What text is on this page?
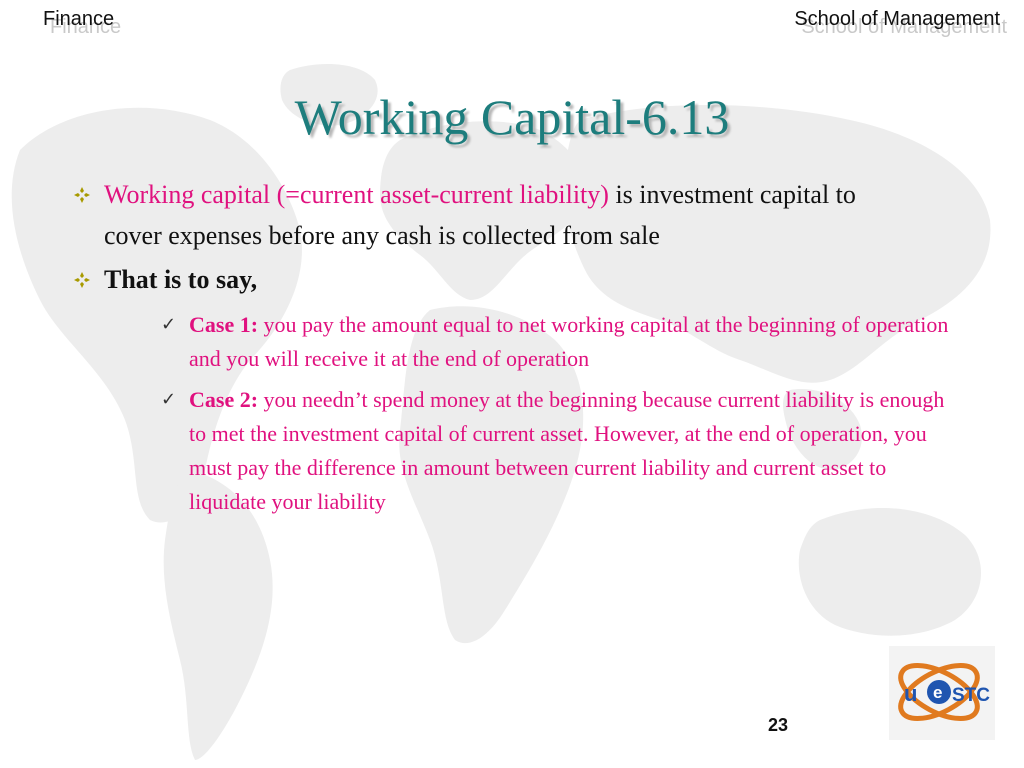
Finance	School of Management
Working Capital-6.13
Working capital (=current asset-current liability) is investment capital to cover expenses before any cash is collected from sale
That is to say,
✓ Case 1: you pay the amount equal to net working capital at the beginning of operation and you will receive it at the end of operation
✓ Case 2: you needn’t spend money at the beginning because current liability is enough to met the investment capital of current asset. However, at the end of operation, you must pay the difference in amount between current liability and current asset to liquidate your liability
u e STC
23
